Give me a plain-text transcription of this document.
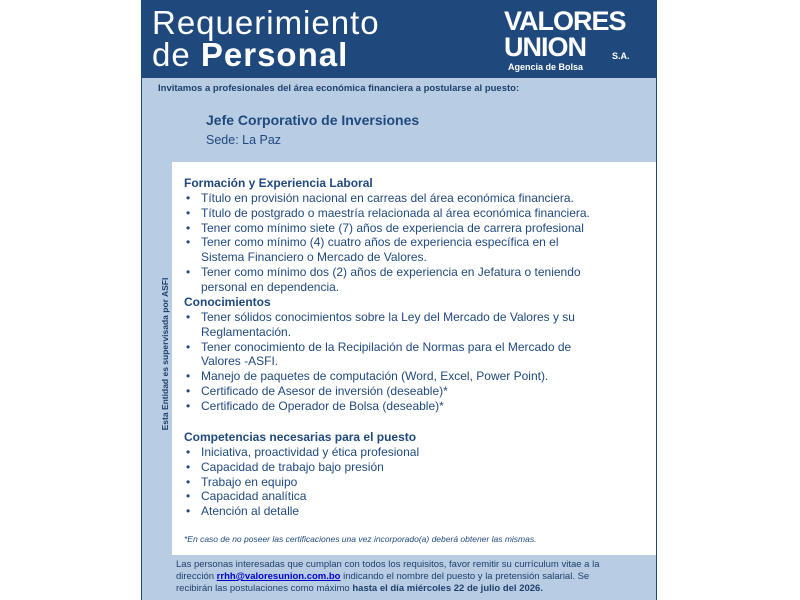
Requerimiento
de Personal
VALORES
UNION	S.A.
Agencia de Bolsa
Invitamos a profesionales del área económica financiera a postularse al puesto:
Esta Entidad es supervisada por ASFI
Jefe Corporativo de Inversiones
Sede: La Paz
Formación y Experiencia Laboral
• Título en provisión nacional en carreas del área económica financiera.
• Título de postgrado o maestría relacionada al área económica financiera.
• Tener como mínimo siete (7) años de experiencia de carrera profesional
• Tener como mínimo (4) cuatro años de experiencia específica en el Sistema Financiero o Mercado de Valores.
• Tener como mínimo dos (2) años de experiencia en Jefatura o teniendo personal en dependencia.
Conocimientos
• Tener sólidos conocimientos sobre la Ley del Mercado de Valores y su Reglamentación.
• Tener conocimiento de la Recipilación de Normas para el Mercado de Valores -ASFI.
• Manejo de paquetes de computación (Word, Excel, Power Point).
• Certificado de Asesor de inversión (deseable)*
• Certificado de Operador de Bolsa (deseable)*
Competencias necesarias para el puesto
• Iniciativa, proactividad y ética profesional
• Capacidad de trabajo bajo presión
• Trabajo en equipo
• Capacidad analítica
• Atención al detalle
*En caso de no poseer las certificaciones una vez incorporado(a) deberá obtener las mismas.
Las personas interesadas que cumplan con todos los requisitos, favor remitir su currículum vitae a la dirección rrhh@valoresunion.com.bo indicando el nombre del puesto y la pretensión salarial. Se recibirán las postulaciones como máximo hasta el día miércoles 22 de julio del 2026.
